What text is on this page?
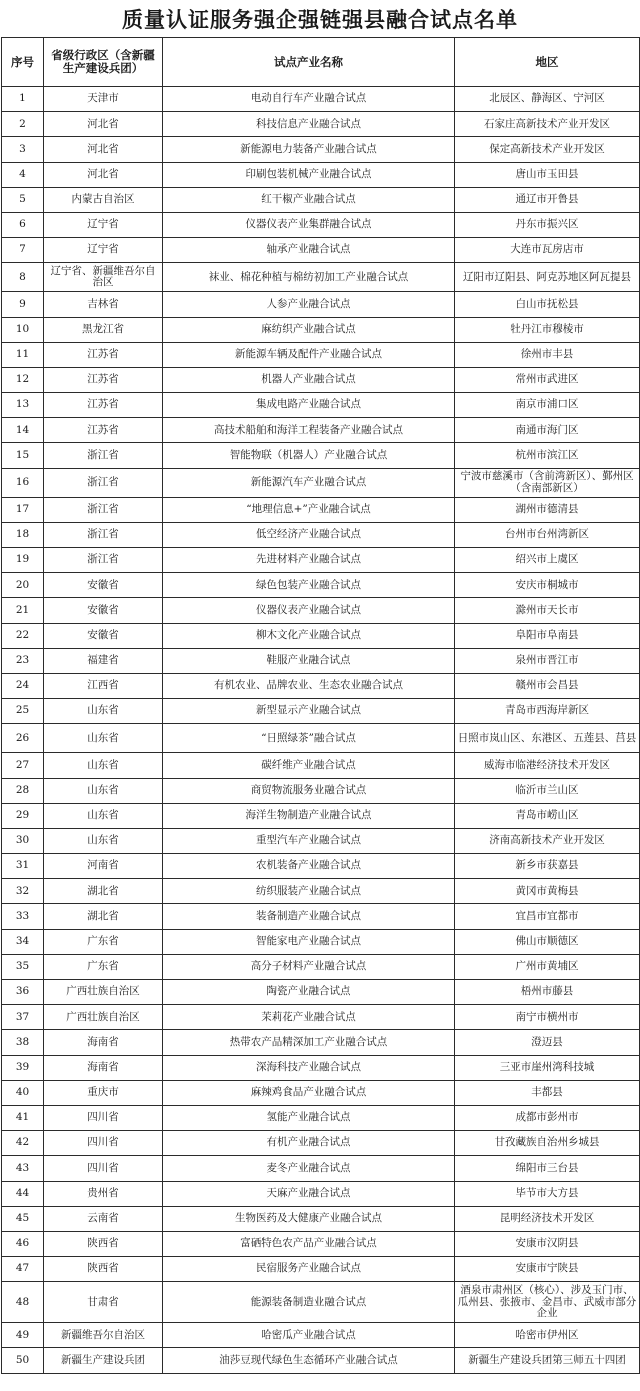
质量认证服务强企强链强县融合试点名单
序号	省级行政区（含新疆生产建设兵团）	试点产业名称	地区
1	天津市	电动自行车产业融合试点	北辰区、静海区、宁河区
2	河北省	科技信息产业融合试点	石家庄高新技术产业开发区
3	河北省	新能源电力装备产业融合试点	保定高新技术产业开发区
4	河北省	印刷包装机械产业融合试点	唐山市玉田县
5	内蒙古自治区	红干椒产业融合试点	通辽市开鲁县
6	辽宁省	仪器仪表产业集群融合试点	丹东市振兴区
7	辽宁省	轴承产业融合试点	大连市瓦房店市
8	辽宁省、新疆维吾尔自治区	袜业、棉花种植与棉纺初加工产业融合试点	辽阳市辽阳县、阿克苏地区阿瓦提县
9	吉林省	人参产业融合试点	白山市抚松县
10	黑龙江省	麻纺织产业融合试点	牡丹江市穆棱市
11	江苏省	新能源车辆及配件产业融合试点	徐州市丰县
12	江苏省	机器人产业融合试点	常州市武进区
13	江苏省	集成电路产业融合试点	南京市浦口区
14	江苏省	高技术船舶和海洋工程装备产业融合试点	南通市海门区
15	浙江省	智能物联（机器人）产业融合试点	杭州市滨江区
16	浙江省	新能源汽车产业融合试点	宁波市慈溪市（含前湾新区）、鄞州区（含南部新区）
17	浙江省	“地理信息+”产业融合试点	湖州市德清县
18	浙江省	低空经济产业融合试点	台州市台州湾新区
19	浙江省	先进材料产业融合试点	绍兴市上虞区
20	安徽省	绿色包装产业融合试点	安庆市桐城市
21	安徽省	仪器仪表产业融合试点	滁州市天长市
22	安徽省	柳木文化产业融合试点	阜阳市阜南县
23	福建省	鞋服产业融合试点	泉州市晋江市
24	江西省	有机农业、品牌农业、生态农业融合试点	赣州市会昌县
25	山东省	新型显示产业融合试点	青岛市西海岸新区
26	山东省	“日照绿茶”融合试点	日照市岚山区、东港区、五莲县、莒县
27	山东省	碳纤维产业融合试点	威海市临港经济技术开发区
28	山东省	商贸物流服务业融合试点	临沂市兰山区
29	山东省	海洋生物制造产业融合试点	青岛市崂山区
30	山东省	重型汽车产业融合试点	济南高新技术产业开发区
31	河南省	农机装备产业融合试点	新乡市获嘉县
32	湖北省	纺织服装产业融合试点	黄冈市黄梅县
33	湖北省	装备制造产业融合试点	宜昌市宜都市
34	广东省	智能家电产业融合试点	佛山市顺德区
35	广东省	高分子材料产业融合试点	广州市黄埔区
36	广西壮族自治区	陶瓷产业融合试点	梧州市藤县
37	广西壮族自治区	茉莉花产业融合试点	南宁市横州市
38	海南省	热带农产品精深加工产业融合试点	澄迈县
39	海南省	深海科技产业融合试点	三亚市崖州湾科技城
40	重庆市	麻辣鸡食品产业融合试点	丰都县
41	四川省	氢能产业融合试点	成都市彭州市
42	四川省	有机产业融合试点	甘孜藏族自治州乡城县
43	四川省	麦冬产业融合试点	绵阳市三台县
44	贵州省	天麻产业融合试点	毕节市大方县
45	云南省	生物医药及大健康产业融合试点	昆明经济技术开发区
46	陕西省	富硒特色农产品产业融合试点	安康市汉阴县
47	陕西省	民宿服务产业融合试点	安康市宁陕县
48	甘肃省	能源装备制造业融合试点	酒泉市肃州区（核心）、涉及玉门市、瓜州县、张掖市、金昌市、武威市部分企业
49	新疆维吾尔自治区	哈密瓜产业融合试点	哈密市伊州区
50	新疆生产建设兵团	油莎豆现代绿色生态循环产业融合试点	新疆生产建设兵团第三师五十四团
